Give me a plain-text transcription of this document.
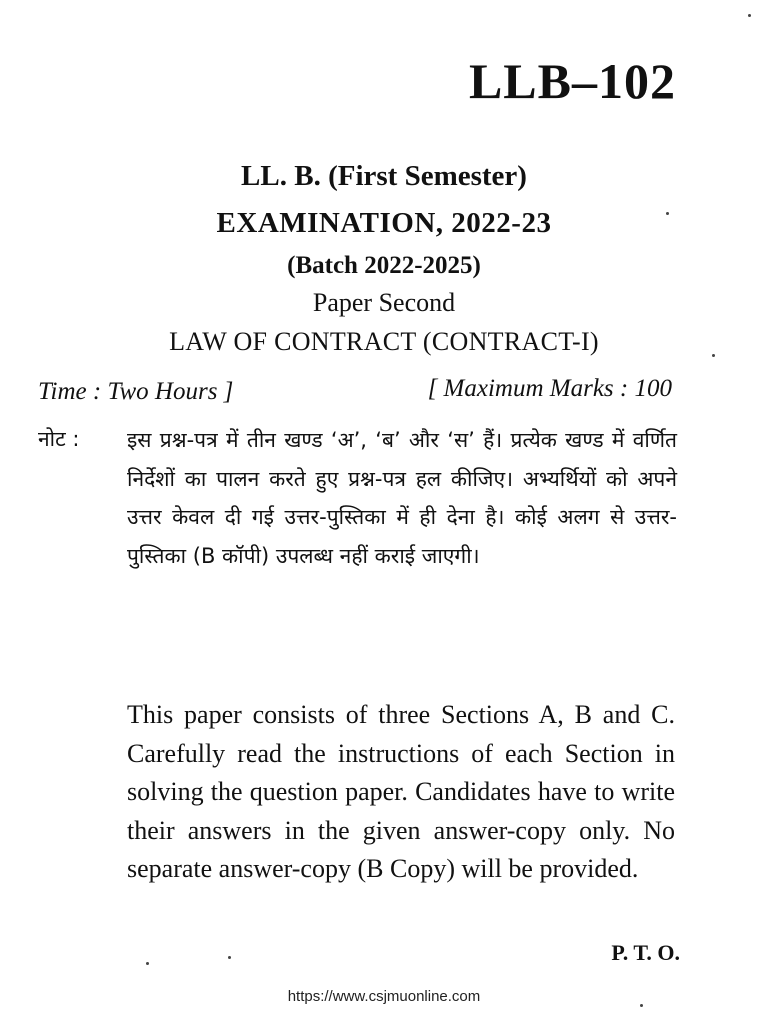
LLB–102
LL. B. (First Semester)
EXAMINATION, 2022-23
(Batch 2022-2025)
Paper Second
LAW OF CONTRACT (CONTRACT-I)
Time : Two Hours ]	[ Maximum Marks : 100
नोट : इस प्रश्न-पत्र में तीन खण्ड ‘अ’, ‘ब’ और ‘स’ हैं। प्रत्येक खण्ड में वर्णित निर्देशों का पालन करते हुए प्रश्न-पत्र हल कीजिए। अभ्यर्थियों को अपने उत्तर केवल दी गई उत्तर-पुस्तिका में ही देना है। कोई अलग से उत्तर-पुस्तिका (B कॉपी) उपलब्ध नहीं कराई जाएगी।
This paper consists of three Sections A, B and C. Carefully read the instructions of each Section in solving the question paper. Candidates have to write their answers in the given answer-copy only. No separate answer-copy (B Copy) will be provided.
P. T. O.
https://www.csjmuonline.com
